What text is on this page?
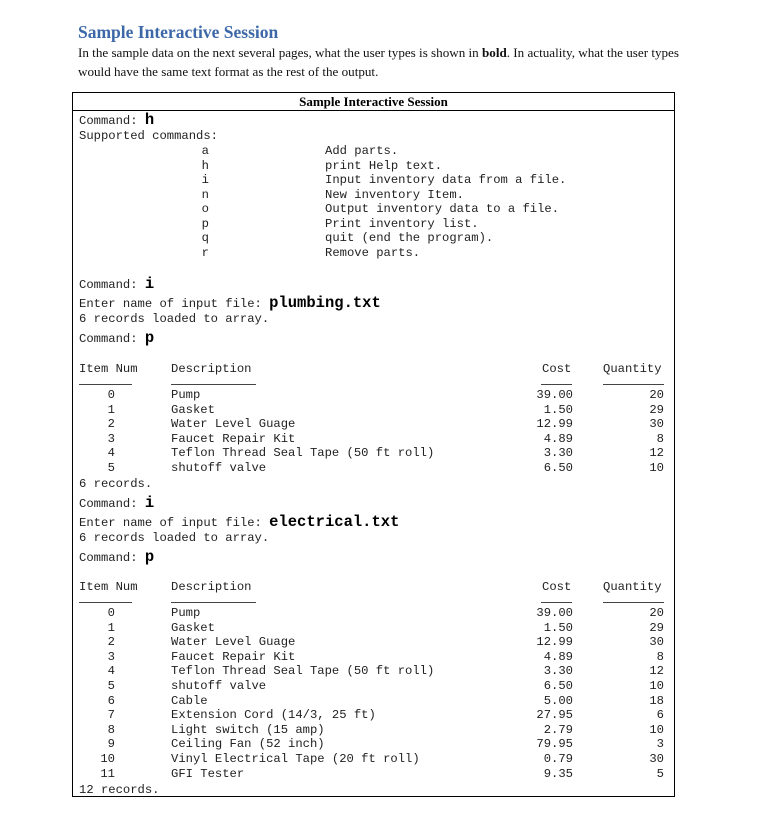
Sample Interactive Session
In the sample data on the next several pages, what the user types is shown in bold. In actuality, what the user types would have the same text format as the rest of the output.
Sample Interactive Session
Command: h
Supported commands:
a	Add parts.
h	print Help text.
i	Input inventory data from a file.
n	New inventory Item.
o	Output inventory data to a file.
p	Print inventory list.
q	quit (end the program).
r	Remove parts.
Command: i
Enter name of input file: plumbing.txt
6 records loaded to array.
Command: p
Item Num	Description	Cost	Quantity
0	Pump	39.00	20
1	Gasket	1.50	29
2	Water Level Guage	12.99	30
3	Faucet Repair Kit	4.89	8
4	Teflon Thread Seal Tape (50 ft roll)	3.30	12
5	shutoff valve	6.50	10
6 records.
Command: i
Enter name of input file: electrical.txt
6 records loaded to array.
Command: p
Item Num	Description	Cost	Quantity
0	Pump	39.00	20
1	Gasket	1.50	29
2	Water Level Guage	12.99	30
3	Faucet Repair Kit	4.89	8
4	Teflon Thread Seal Tape (50 ft roll)	3.30	12
5	shutoff valve	6.50	10
6	Cable	5.00	18
7	Extension Cord (14/3, 25 ft)	27.95	6
8	Light switch (15 amp)	2.79	10
9	Ceiling Fan (52 inch)	79.95	3
10	Vinyl Electrical Tape (20 ft roll)	0.79	30
11	GFI Tester	9.35	5
12 records.
